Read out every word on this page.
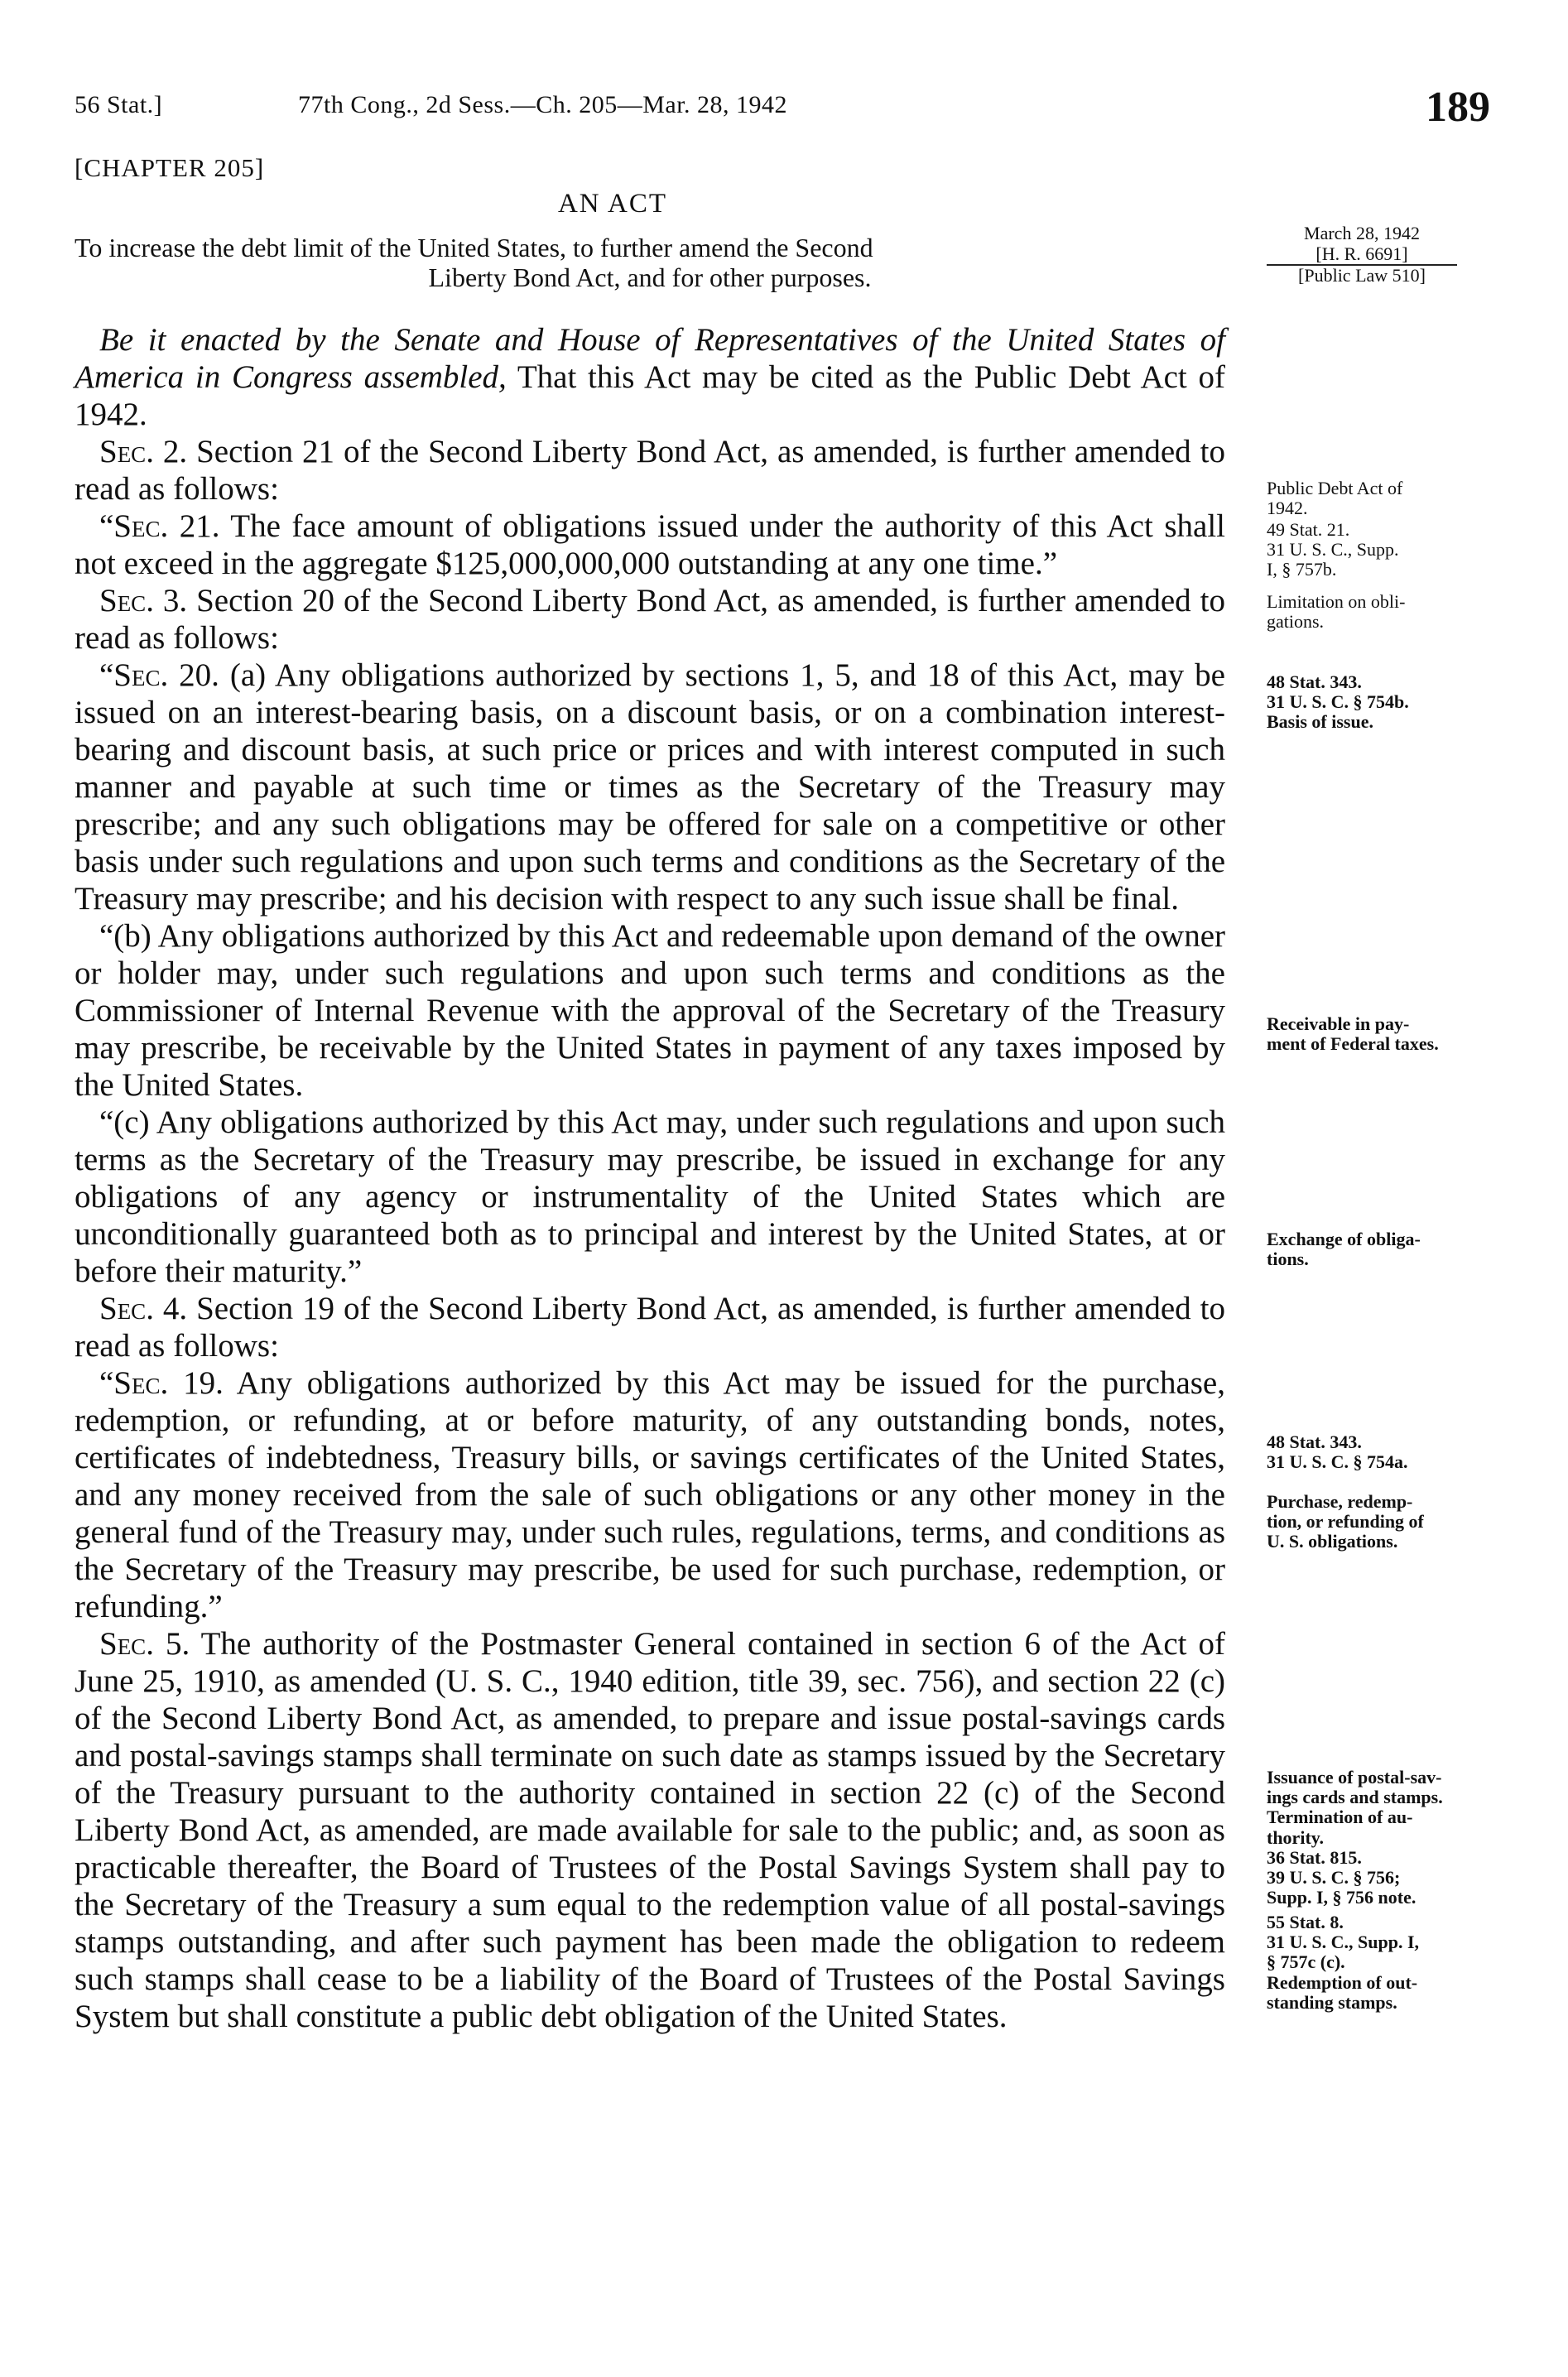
56 Stat.]	77th Cong., 2d Sess.—Ch. 205—Mar. 28, 1942	189
[CHAPTER 205]
AN ACT
To increase the debt limit of the United States, to further amend the Second
Liberty Bond Act, and for other purposes.
March 28, 1942
[H. R. 6691]
[Public Law 510]

Be it enacted by the Senate and House of Representatives of the United States of America in Congress assembled, That this Act may be cited as the Public Debt Act of 1942.

Sec. 2. Section 21 of the Second Liberty Bond Act, as amended, is further amended to read as follows:

“Sec. 21. The face amount of obligations issued under the authority of this Act shall not exceed in the aggregate $125,000,000,000 outstanding at any one time.”

Sec. 3. Section 20 of the Second Liberty Bond Act, as amended, is further amended to read as follows:

“Sec. 20. (a) Any obligations authorized by sections 1, 5, and 18 of this Act, may be issued on an interest-bearing basis, on a discount basis, or on a combination interest-bearing and discount basis, at such price or prices and with interest computed in such manner and payable at such time or times as the Secretary of the Treasury may prescribe; and any such obligations may be offered for sale on a competitive or other basis under such regulations and upon such terms and conditions as the Secretary of the Treasury may prescribe; and his decision with respect to any such issue shall be final.

“(b) Any obligations authorized by this Act and redeemable upon demand of the owner or holder may, under such regulations and upon such terms and conditions as the Commissioner of Internal Revenue with the approval of the Secretary of the Treasury may prescribe, be receivable by the United States in payment of any taxes imposed by the United States.

“(c) Any obligations authorized by this Act may, under such regulations and upon such terms as the Secretary of the Treasury may prescribe, be issued in exchange for any obligations of any agency or instrumentality of the United States which are unconditionally guaranteed both as to principal and interest by the United States, at or before their maturity.”

Sec. 4. Section 19 of the Second Liberty Bond Act, as amended, is further amended to read as follows:

“Sec. 19. Any obligations authorized by this Act may be issued for the purchase, redemption, or refunding, at or before maturity, of any outstanding bonds, notes, certificates of indebtedness, Treasury bills, or savings certificates of the United States, and any money received from the sale of such obligations or any other money in the general fund of the Treasury may, under such rules, regulations, terms, and conditions as the Secretary of the Treasury may prescribe, be used for such purchase, redemption, or refunding.”

Sec. 5. The authority of the Postmaster General contained in section 6 of the Act of June 25, 1910, as amended (U. S. C., 1940 edition, title 39, sec. 756), and section 22 (c) of the Second Liberty Bond Act, as amended, to prepare and issue postal-savings cards and postal-savings stamps shall terminate on such date as stamps issued by the Secretary of the Treasury pursuant to the authority contained in section 22 (c) of the Second Liberty Bond Act, as amended, are made available for sale to the public; and, as soon as practicable thereafter, the Board of Trustees of the Postal Savings System shall pay to the Secretary of the Treasury a sum equal to the redemption value of all postal-savings stamps outstanding, and after such payment has been made the obligation to redeem such stamps shall cease to be a liability of the Board of Trustees of the Postal Savings System but shall constitute a public debt obligation of the United States.

Public Debt Act of
1942.
49 Stat. 21.
31 U. S. C., Supp.
I, § 757b.
Limitation on obli-
gations.
48 Stat. 343.
31 U. S. C. § 754b.
Basis of issue.
Receivable in pay-
ment of Federal taxes.
Exchange of obliga-
tions.
48 Stat. 343.
31 U. S. C. § 754a.
Purchase, redemp-
tion, or refunding of
U. S. obligations.
Issuance of postal-sav-
ings cards and stamps.
Termination of au-
thority.
36 Stat. 815.
39 U. S. C. § 756;
Supp. I, § 756 note.
55 Stat. 8.
31 U. S. C., Supp. I,
§ 757c (c).
Redemption of out-
standing stamps.
